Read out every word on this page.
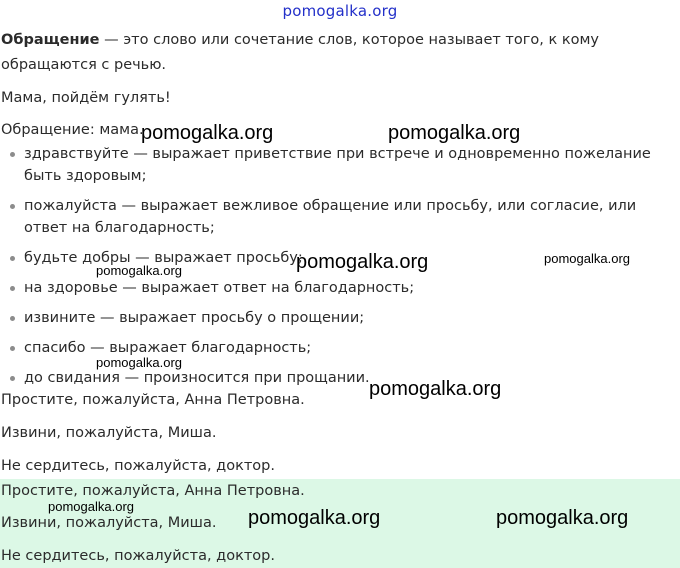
pomogalka.org
Обращение — это слово или сочетание слов, которое называет того, к кому обращаются с речью.
Мама, пойдём гулять!
Обращение: мама.
здравствуйте — выражает приветствие при встрече и одновременно пожелание быть здоровым;
пожалуйста — выражает вежливое обращение или просьбу, или согласие, или ответ на благодарность;
будьте добры — выражает просьбу;
на здоровье — выражает ответ на благодарность;
извините — выражает просьбу о прощении;
спасибо — выражает благодарность;
до свидания — произносится при прощании.
Простите, пожалуйста, Анна Петровна.
Извини, пожалуйста, Миша.
Не сердитесь, пожалуйста, доктор.
Простите, пожалуйста, Анна Петровна.
Извини, пожалуйста, Миша.
Не сердитесь, пожалуйста, доктор.
pomogalka.org	pomogalka.org
pomogalka.org	pomogalka.org
pomogalka.org
pomogalka.org
pomogalka.org
pomogalka.org
pomogalka.org	pomogalka.org
